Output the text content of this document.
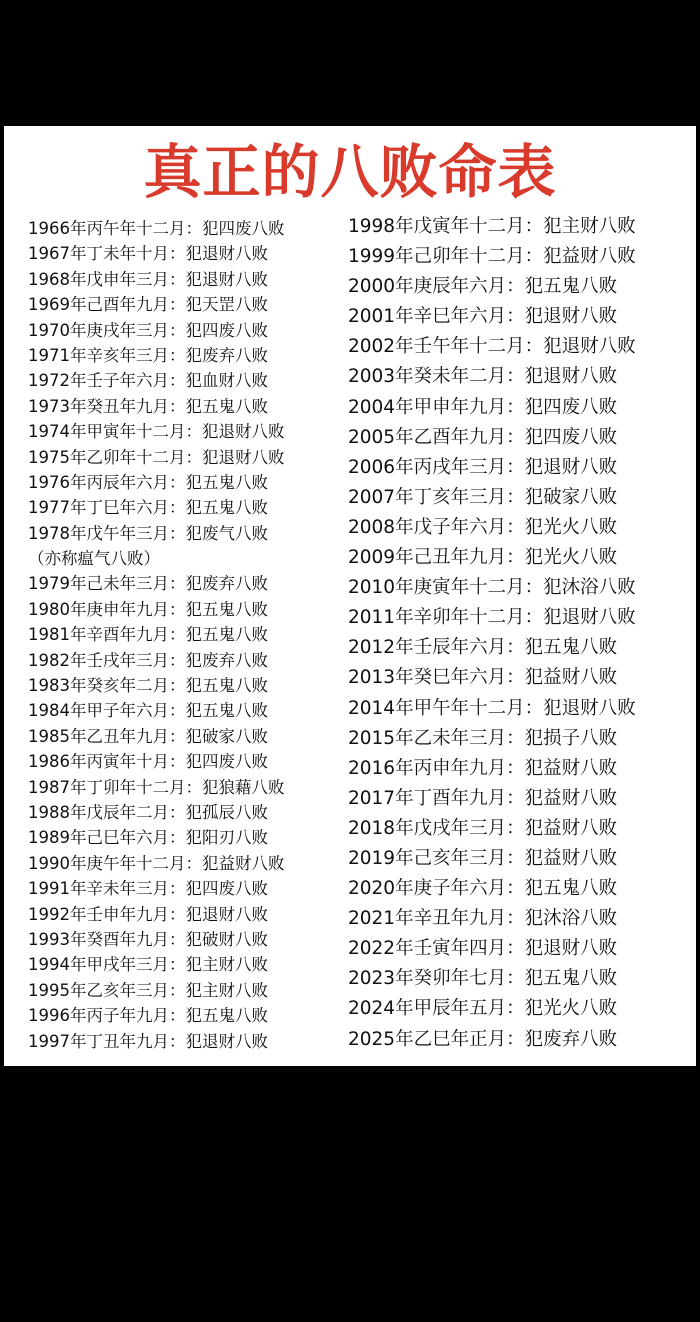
真正的八败命表
1966年丙午年十二月：犯四废八败
1967年丁未年十月：犯退财八败
1968年戊申年三月：犯退财八败
1969年己酉年九月：犯天罡八败
1970年庚戌年三月：犯四废八败
1971年辛亥年三月：犯废弃八败
1972年壬子年六月：犯血财八败
1973年癸丑年九月：犯五鬼八败
1974年甲寅年十二月：犯退财八败
1975年乙卯年十二月：犯退财八败
1976年丙辰年六月：犯五鬼八败
1977年丁巳年六月：犯五鬼八败
1978年戊午年三月：犯废气八败
（亦称瘟气八败）
1979年己未年三月：犯废弃八败
1980年庚申年九月：犯五鬼八败
1981年辛酉年九月：犯五鬼八败
1982年壬戌年三月：犯废弃八败
1983年癸亥年二月：犯五鬼八败
1984年甲子年六月：犯五鬼八败
1985年乙丑年九月：犯破家八败
1986年丙寅年十月：犯四废八败
1987年丁卯年十二月：犯狼藉八败
1988年戊辰年二月：犯孤辰八败
1989年己巳年六月：犯阳刃八败
1990年庚午年十二月：犯益财八败
1991年辛未年三月：犯四废八败
1992年壬申年九月：犯退财八败
1993年癸酉年九月：犯破财八败
1994年甲戌年三月：犯主财八败
1995年乙亥年三月：犯主财八败
1996年丙子年九月：犯五鬼八败
1997年丁丑年九月：犯退财八败
1998年戊寅年十二月：犯主财八败
1999年己卯年十二月：犯益财八败
2000年庚辰年六月：犯五鬼八败
2001年辛巳年六月：犯退财八败
2002年壬午年十二月：犯退财八败
2003年癸未年二月：犯退财八败
2004年甲申年九月：犯四废八败
2005年乙酉年九月：犯四废八败
2006年丙戌年三月：犯退财八败
2007年丁亥年三月：犯破家八败
2008年戊子年六月：犯光火八败
2009年己丑年九月：犯光火八败
2010年庚寅年十二月：犯沐浴八败
2011年辛卯年十二月：犯退财八败
2012年壬辰年六月：犯五鬼八败
2013年癸巳年六月：犯益财八败
2014年甲午年十二月：犯退财八败
2015年乙未年三月：犯损子八败
2016年丙申年九月：犯益财八败
2017年丁酉年九月：犯益财八败
2018年戊戌年三月：犯益财八败
2019年己亥年三月：犯益财八败
2020年庚子年六月：犯五鬼八败
2021年辛丑年九月：犯沐浴八败
2022年壬寅年四月：犯退财八败
2023年癸卯年七月：犯五鬼八败
2024年甲辰年五月：犯光火八败
2025年乙巳年正月：犯废弃八败
